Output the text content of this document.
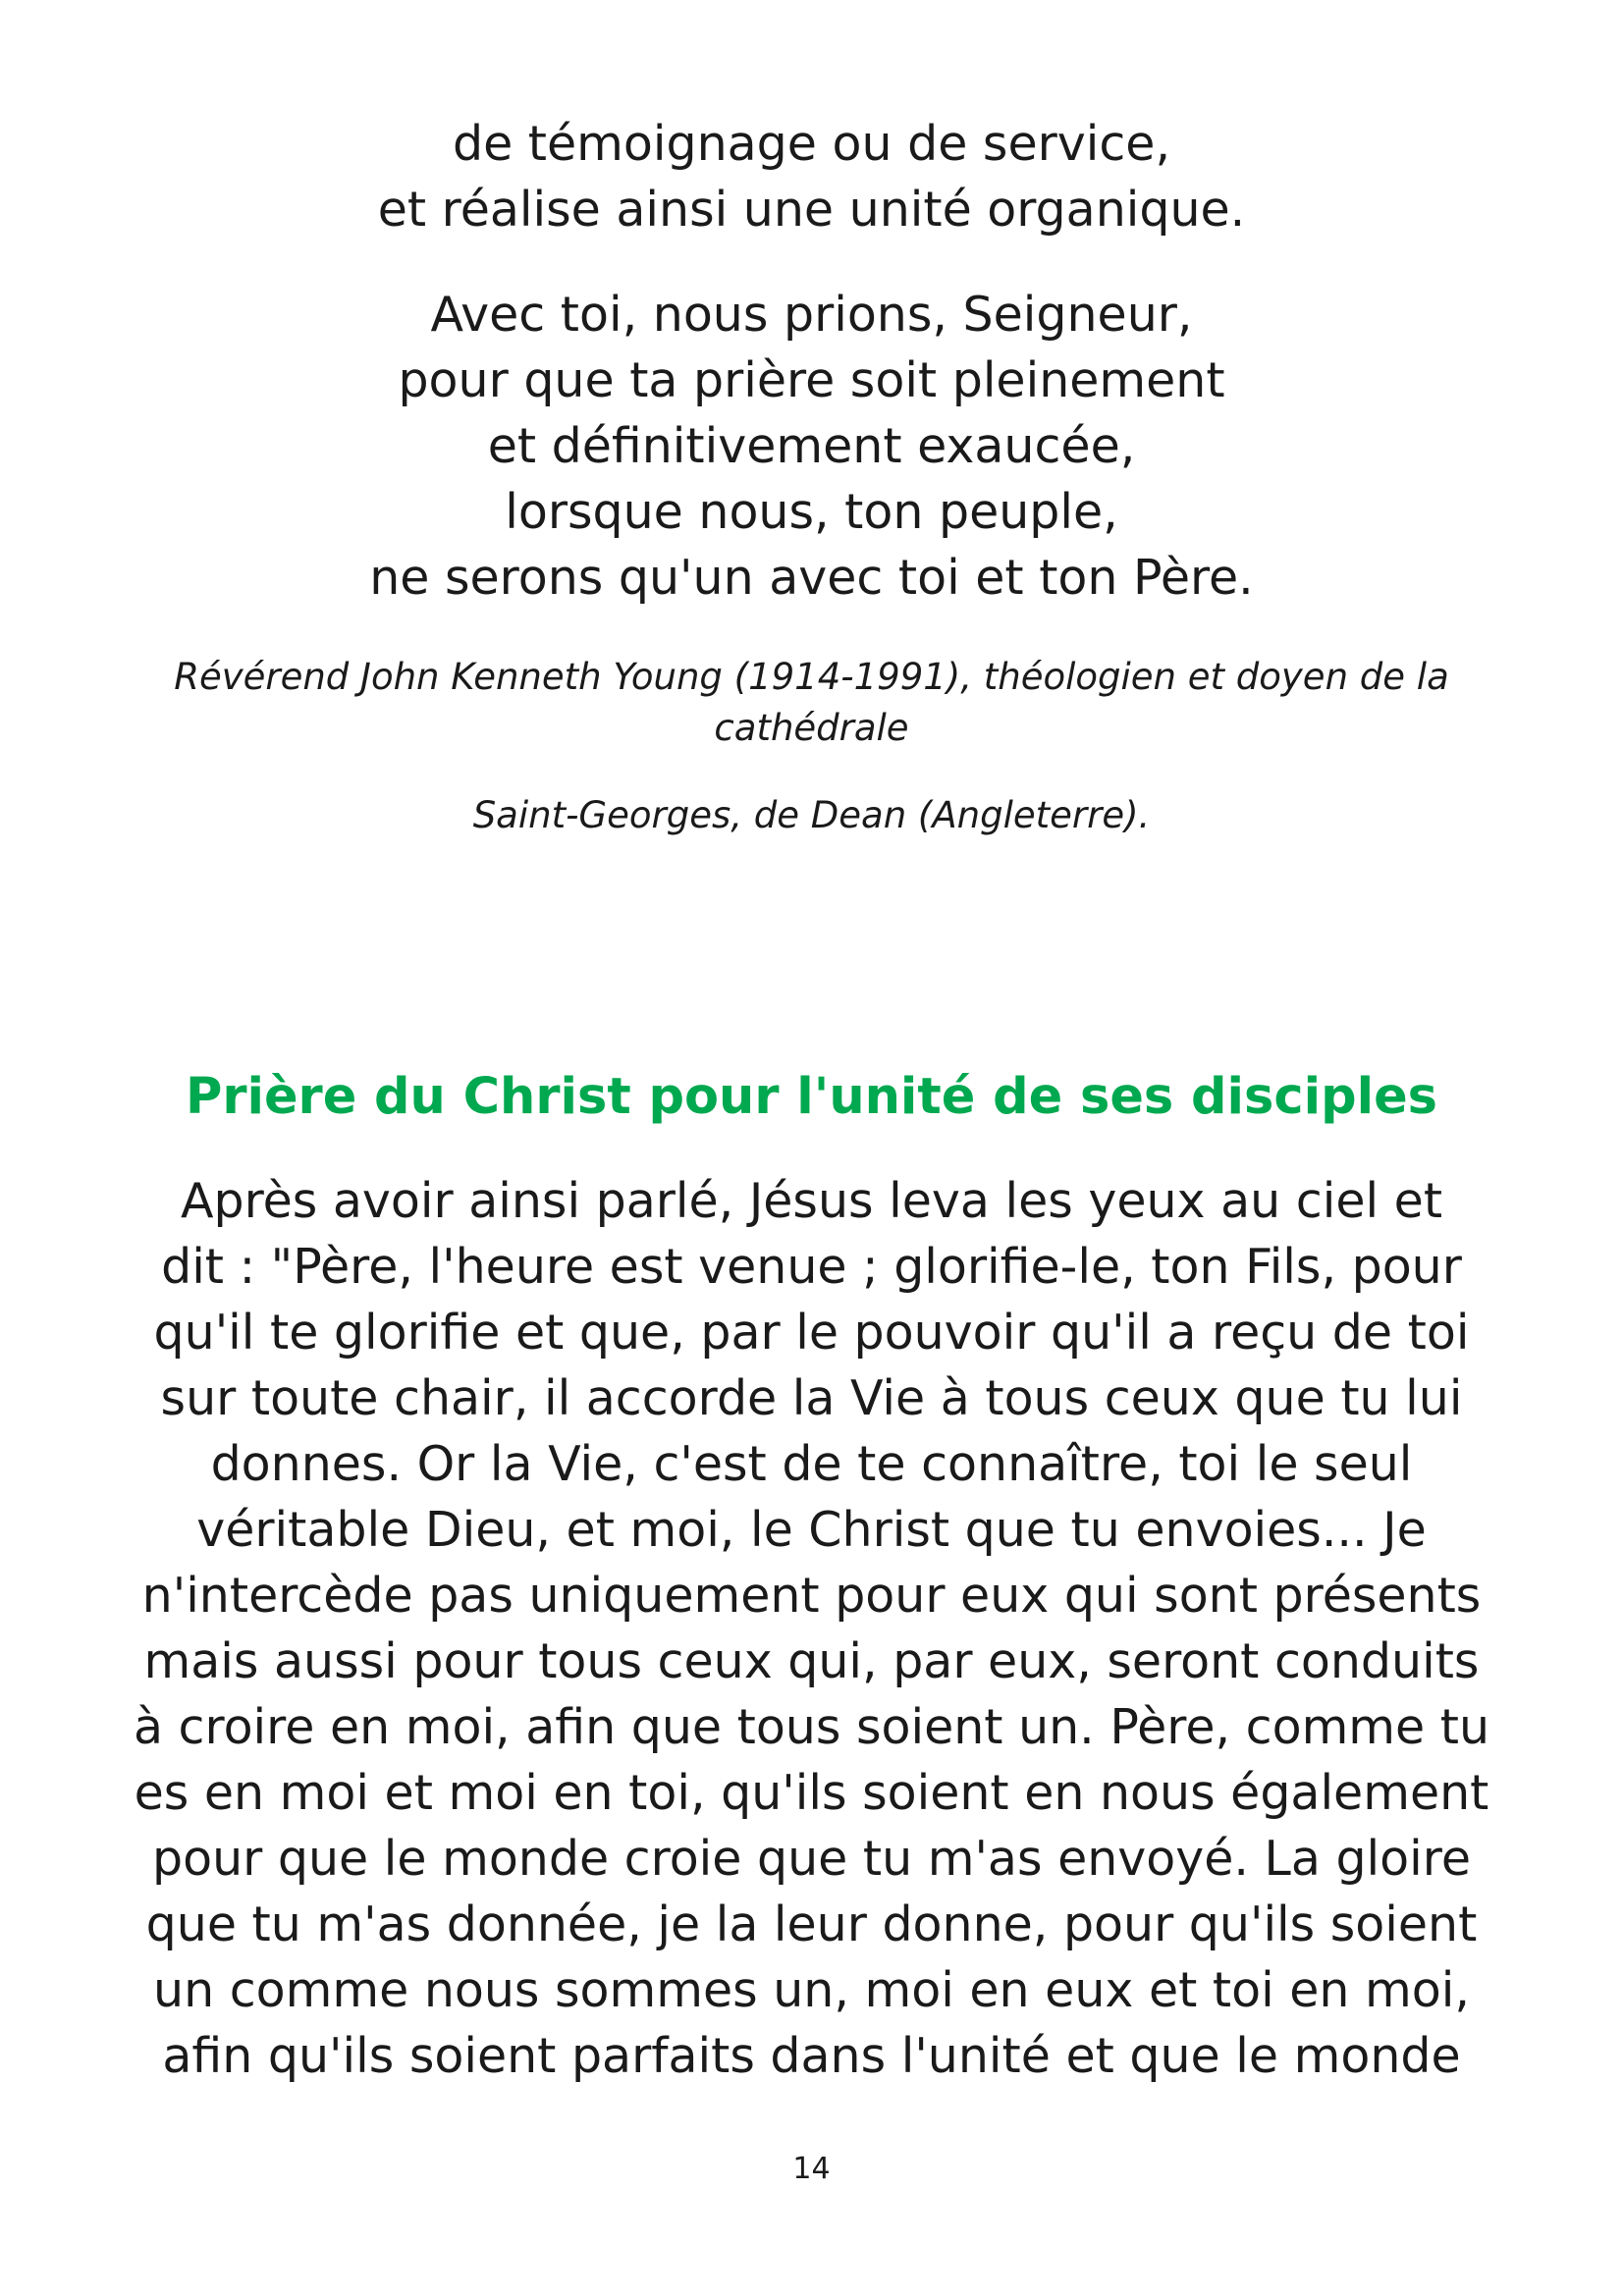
de témoignage ou de service,
et réalise ainsi une unité organique.
Avec toi, nous prions, Seigneur,
pour que ta prière soit pleinement
et définitivement exaucée,
lorsque nous, ton peuple,
ne serons qu'un avec toi et ton Père.
Révérend John Kenneth Young (1914-1991), théologien et doyen de la cathédrale
Saint-Georges, de Dean (Angleterre).
Prière du Christ pour l'unité de ses disciples
Après avoir ainsi parlé, Jésus leva les yeux au ciel et
dit : "Père, l'heure est venue ; glorifie-le, ton Fils, pour
qu'il te glorifie et que, par le pouvoir qu'il a reçu de toi
sur toute chair, il accorde la Vie à tous ceux que tu lui
donnes. Or la Vie, c'est de te connaître, toi le seul
véritable Dieu, et moi, le Christ que tu envoies... Je
n'intercède pas uniquement pour eux qui sont présents
mais aussi pour tous ceux qui, par eux, seront conduits
à croire en moi, afin que tous soient un. Père, comme tu
es en moi et moi en toi, qu'ils soient en nous également
pour que le monde croie que tu m'as envoyé. La gloire
que tu m'as donnée, je la leur donne, pour qu'ils soient
un comme nous sommes un, moi en eux et toi en moi,
afin qu'ils soient parfaits dans l'unité et que le monde
14
